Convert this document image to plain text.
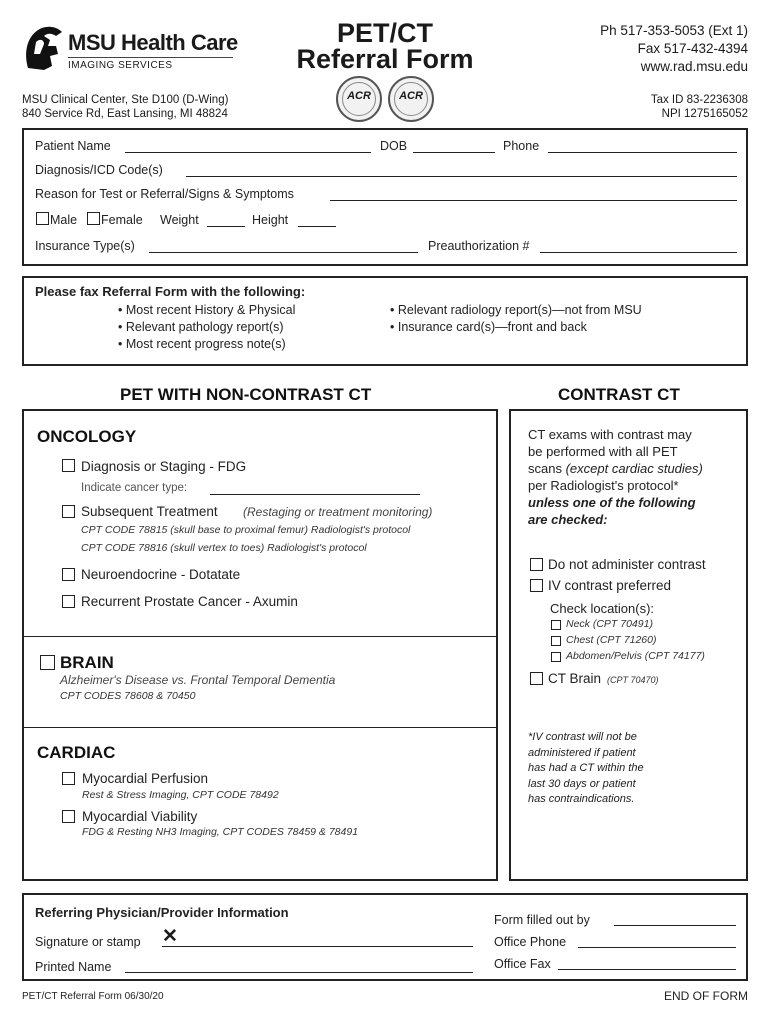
MSU Health Care
IMAGING SERVICES
PET/CT
Referral Form
ACR	ACR
Ph 517-353-5053 (Ext 1)
Fax 517-432-4394
www.rad.msu.edu
MSU Clinical Center, Ste D100 (D-Wing)
840 Service Rd, East Lansing, MI 48824
Tax ID 83-2236308
NPI 1275165052
Patient Name	DOB	Phone
Diagnosis/ICD Code(s)
Reason for Test or Referral/Signs & Symptoms
Male Female Weight	Height
Insurance Type(s)	Preauthorization #
Please fax Referral Form with the following:
• Most recent History & Physical
• Relevant pathology report(s)
• Most recent progress note(s)
• Relevant radiology report(s)—not from MSU
• Insurance card(s)—front and back
PET WITH NON-CONTRAST CT	CONTRAST CT
ONCOLOGY
Diagnosis or Staging - FDG
Indicate cancer type:
Subsequent Treatment (Restaging or treatment monitoring)
CPT CODE 78815 (skull base to proximal femur) Radiologist's protocol
CPT CODE 78816 (skull vertex to toes) Radiologist's protocol
Neuroendocrine - Dotatate
Recurrent Prostate Cancer - Axumin
BRAIN
Alzheimer's Disease vs. Frontal Temporal Dementia
CPT CODES 78608 & 70450
CARDIAC
Myocardial Perfusion
Rest & Stress Imaging, CPT CODE 78492
Myocardial Viability
FDG & Resting NH3 Imaging, CPT CODES 78459 & 78491
CT exams with contrast may
be performed with all PET
scans (except cardiac studies)
per Radiologist's protocol*
unless one of the following
are checked:
Do not administer contrast
IV contrast preferred
Check location(s):
Neck (CPT 70491)
Chest (CPT 71260)
Abdomen/Pelvis (CPT 74177)
CT Brain (CPT 70470)
*IV contrast will not be
administered if patient
has had a CT within the
last 30 days or patient
has contraindications.
Referring Physician/Provider Information
Signature or stamp ✕
Printed Name
Form filled out by
Office Phone
Office Fax
PET/CT Referral Form 06/30/20	END OF FORM
